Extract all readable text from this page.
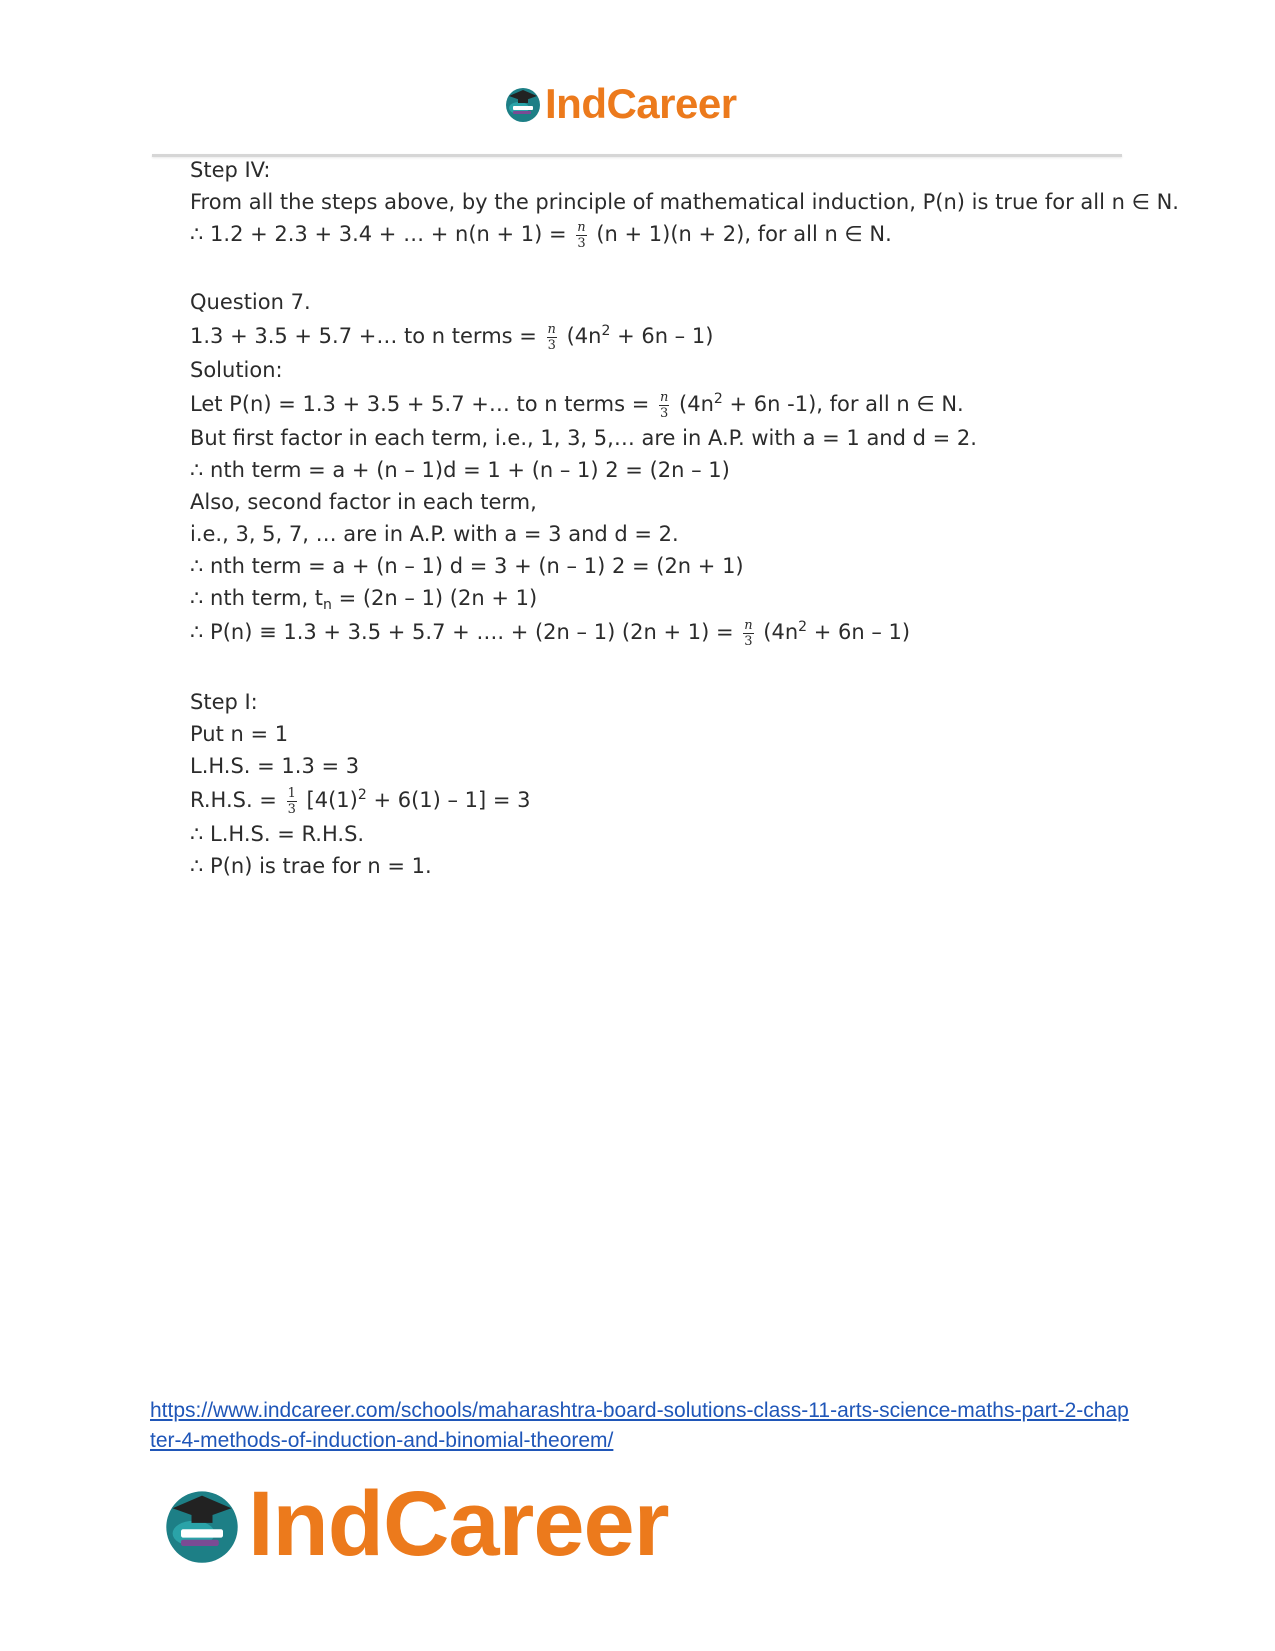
IndCareer
Step IV:
From all the steps above, by the principle of mathematical induction, P(n) is true for all n ∈ N.
∴ 1.2 + 2.3 + 3.4 + … + $n(n + 1) = \frac{n}{3} (n + 1)(n + 2)$, for all n ∈ N.
Question 7.
1.3 + 3.5 + 5.7 +… to n terms = $\frac{n}{3} (4n^2 + 6n - 1)$
Solution:
Let P(n) = 1.3 + 3.5 + 5.7 +… to n terms = $\frac{n}{3} (4n^2 + 6n$ -1), for all n ∈ N.
But first factor in each term, i.e., 1, 3, 5,… are in A.P. with a = 1 and d = 2.
∴ nth term = a + (n – 1)d = 1 + (n – 1) 2 = (2n – 1)
Also, second factor in each term,
i.e., 3, 5, 7, … are in A.P. with a = 3 and d = 2.
∴ nth term = a + (n – 1) d = 3 + (n – 1) 2 = (2n + 1)
∴ nth term, $t_n = (2n - 1) (2n + 1)$
∴ P(n) ≡ 1.3 + 3.5 + 5.7 + …. + (2n – 1) $(2n + 1) = \frac{n}{3} (4n^2 + 6n - 1)$
Step I:
Put n = 1
L.H.S. = 1.3 = 3
R.H.S. = $\frac{1}{3} [4(1)^2 + 6(1) - 1] = 3$
∴ L.H.S. = R.H.S.
∴ P(n) is trae for n = 1.
https://www.indcareer.com/schools/maharashtra-board-solutions-class-11-arts-science-maths-part-2-chapter-4-methods-of-induction-and-binomial-theorem/
IndCareer
